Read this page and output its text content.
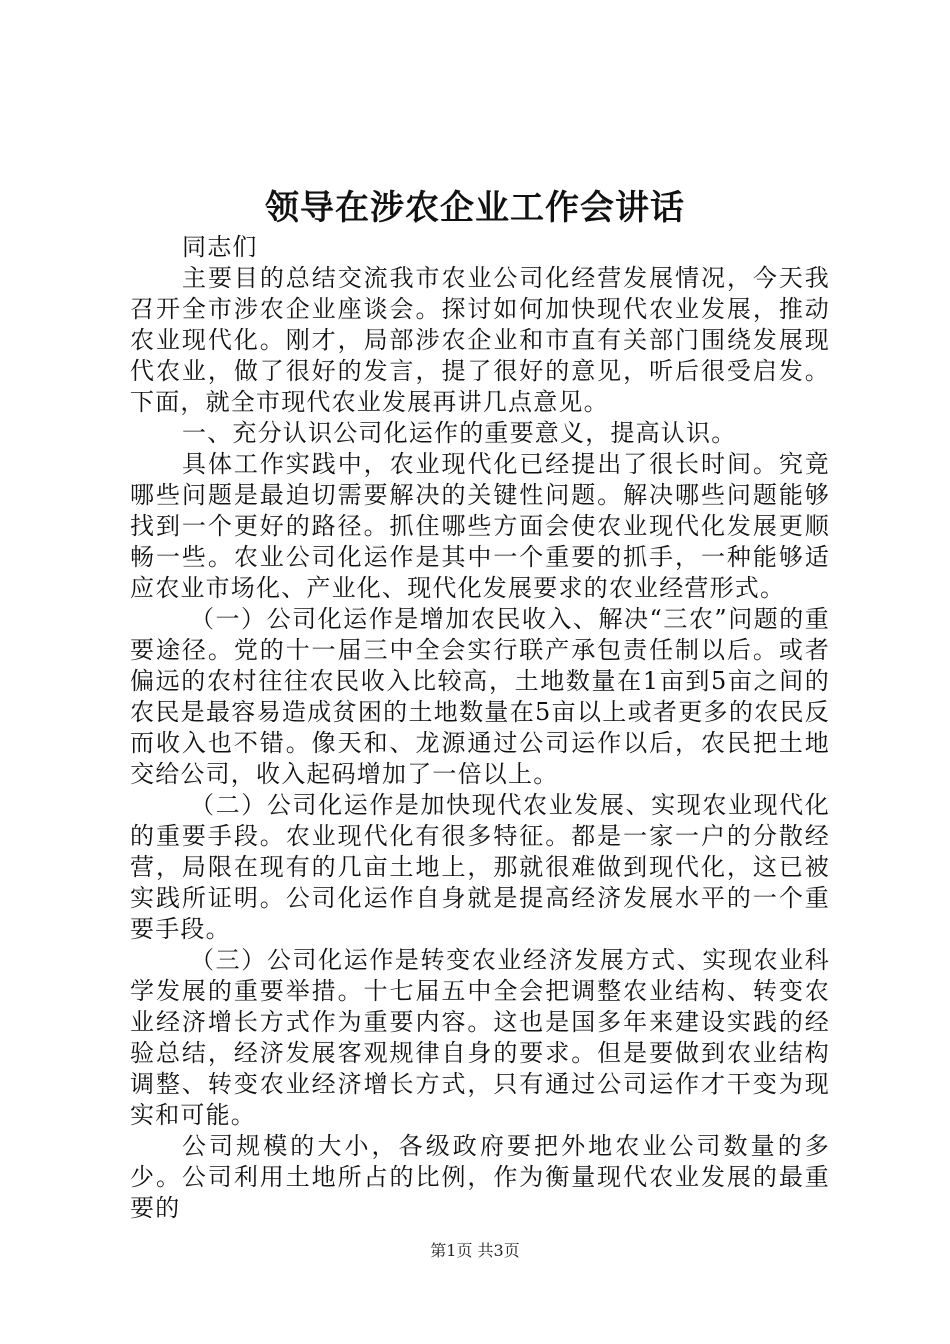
领导在涉农企业工作会讲话

同志们

主要目的总结交流我市农业公司化经营发展情况，今天我召开全市涉农企业座谈会。探讨如何加快现代农业发展，推动农业现代化。刚才，局部涉农企业和市直有关部门围绕发展现代农业，做了很好的发言，提了很好的意见，听后很受启发。下面，就全市现代农业发展再讲几点意见。

一、充分认识公司化运作的重要意义，提高认识。

具体工作实践中，农业现代化已经提出了很长时间。究竟哪些问题是最迫切需要解决的关键性问题。解决哪些问题能够找到一个更好的路径。抓住哪些方面会使农业现代化发展更顺畅一些。农业公司化运作是其中一个重要的抓手，一种能够适应农业市场化、产业化、现代化发展要求的农业经营形式。

（一）公司化运作是增加农民收入、解决“三农”问题的重要途径。党的十一届三中全会实行联产承包责任制以后。或者偏远的农村往往农民收入比较高，土地数量在1亩到5亩之间的农民是最容易造成贫困的土地数量在5亩以上或者更多的农民反而收入也不错。像天和、龙源通过公司运作以后，农民把土地交给公司，收入起码增加了一倍以上。

（二）公司化运作是加快现代农业发展、实现农业现代化的重要手段。农业现代化有很多特征。都是一家一户的分散经营，局限在现有的几亩土地上，那就很难做到现代化，这已被实践所证明。公司化运作自身就是提高经济发展水平的一个重要手段。

（三）公司化运作是转变农业经济发展方式、实现农业科学发展的重要举措。十七届五中全会把调整农业结构、转变农业经济增长方式作为重要内容。这也是国多年来建设实践的经验总结，经济发展客观规律自身的要求。但是要做到农业结构调整、转变农业经济增长方式，只有通过公司运作才干变为现实和可能。

公司规模的大小，各级政府要把外地农业公司数量的多少。公司利用土地所占的比例，作为衡量现代农业发展的最重要的

第1页 共3页
